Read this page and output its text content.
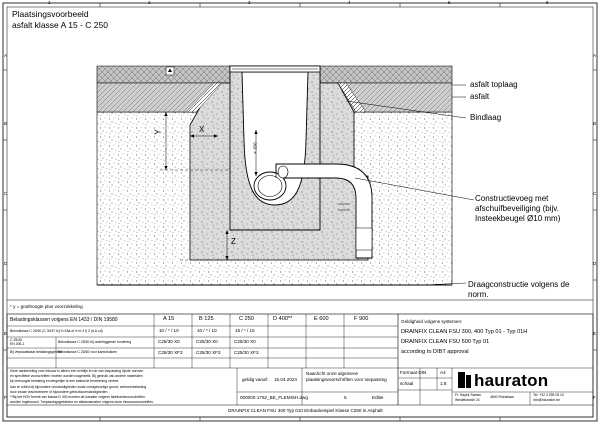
1	2	3	4	5	6
A
B
C
D
E
F
A
B
C
D
E
F
Plaatsingsvoorbeeld
asfalt klasse A 15 - C 250
X
Y
Z
> 150
asfalt toplaag
asfalt
Bindlaag
Constructievoeg met
afschuifbeveiliging (bijv.
Insteekbeugel Ø10 mm)
Draagconstructie volgens de
norm.
* y = goothoogte plus voorzokkeling
Belastingsklassen volgens EN 1433 / DIN 19580	A 15	B 125	C 250	D 400**	E 600	F 900
Betonklasse C 25/30 (C 30/37 bij X>18a of X>0.4 f) 2 (d & cd)	10 / * / 10	10 / * / 10	15 / * / 15
C 25/30
EN 206-1	Betonklasse C 25/30 bij onderliggende fundering	C25/30 X0	C25/30 X0	C25/30 X0
Bij verplaatsbaar belastingsgebied
Betonklasse C 25/30 voor kantstrokken	C25/30 XF3	C25/30 XF3	C25/30 XF3
Deze aanbeveling voor inbouw is alleen een richtlijn en de van toepassing zijnde normen
en specifieke voorschriften moeten worden nageleefd. Bij gebruik van andere materialen
bij verhoogde belasting en dergelijke is een statische berekening vereist.
Aan te vullen bij bijzondere omstandigheden zoals vorstgevoelige grond, verkeersbelasting
door zwaar vrachtverkeer of bijzondere gebruiksomstandigheden.
**Bij het HGV bereik van klasse D 400 moeten de kanalen volgens fabrikantsvoorschriften
worden ingebouwd. Toepassingsgebieden en afstandsmaten volgens deze inbouwvoorschriften.
Geldigheid volgens systemen:
DRAINFIX CLEAN FSU 300, 400 Typ 01 - Typ 01H
DRAINFIX CLEAN FSU 500 Typ 01
according to DIBT approval
geldig vanaf: 15.04.2024
Naarzicht onze algemene
plaatsingsvoorschriften voor toepassing
000000-1762_BE_FLEMISH.dwg	5	Editie
Formaat DIN	A4
schaal	1:8 hauraton
Fr. Hayek Samen
Weidelstraße 24
4840 Roeselaar	Tel. +32 4 295 05 10
info@hauraton.be
DRAINFIX CLEAN FSU 300 Typ 010 Einbaubeispiel Klasse C250 in Asphalt
